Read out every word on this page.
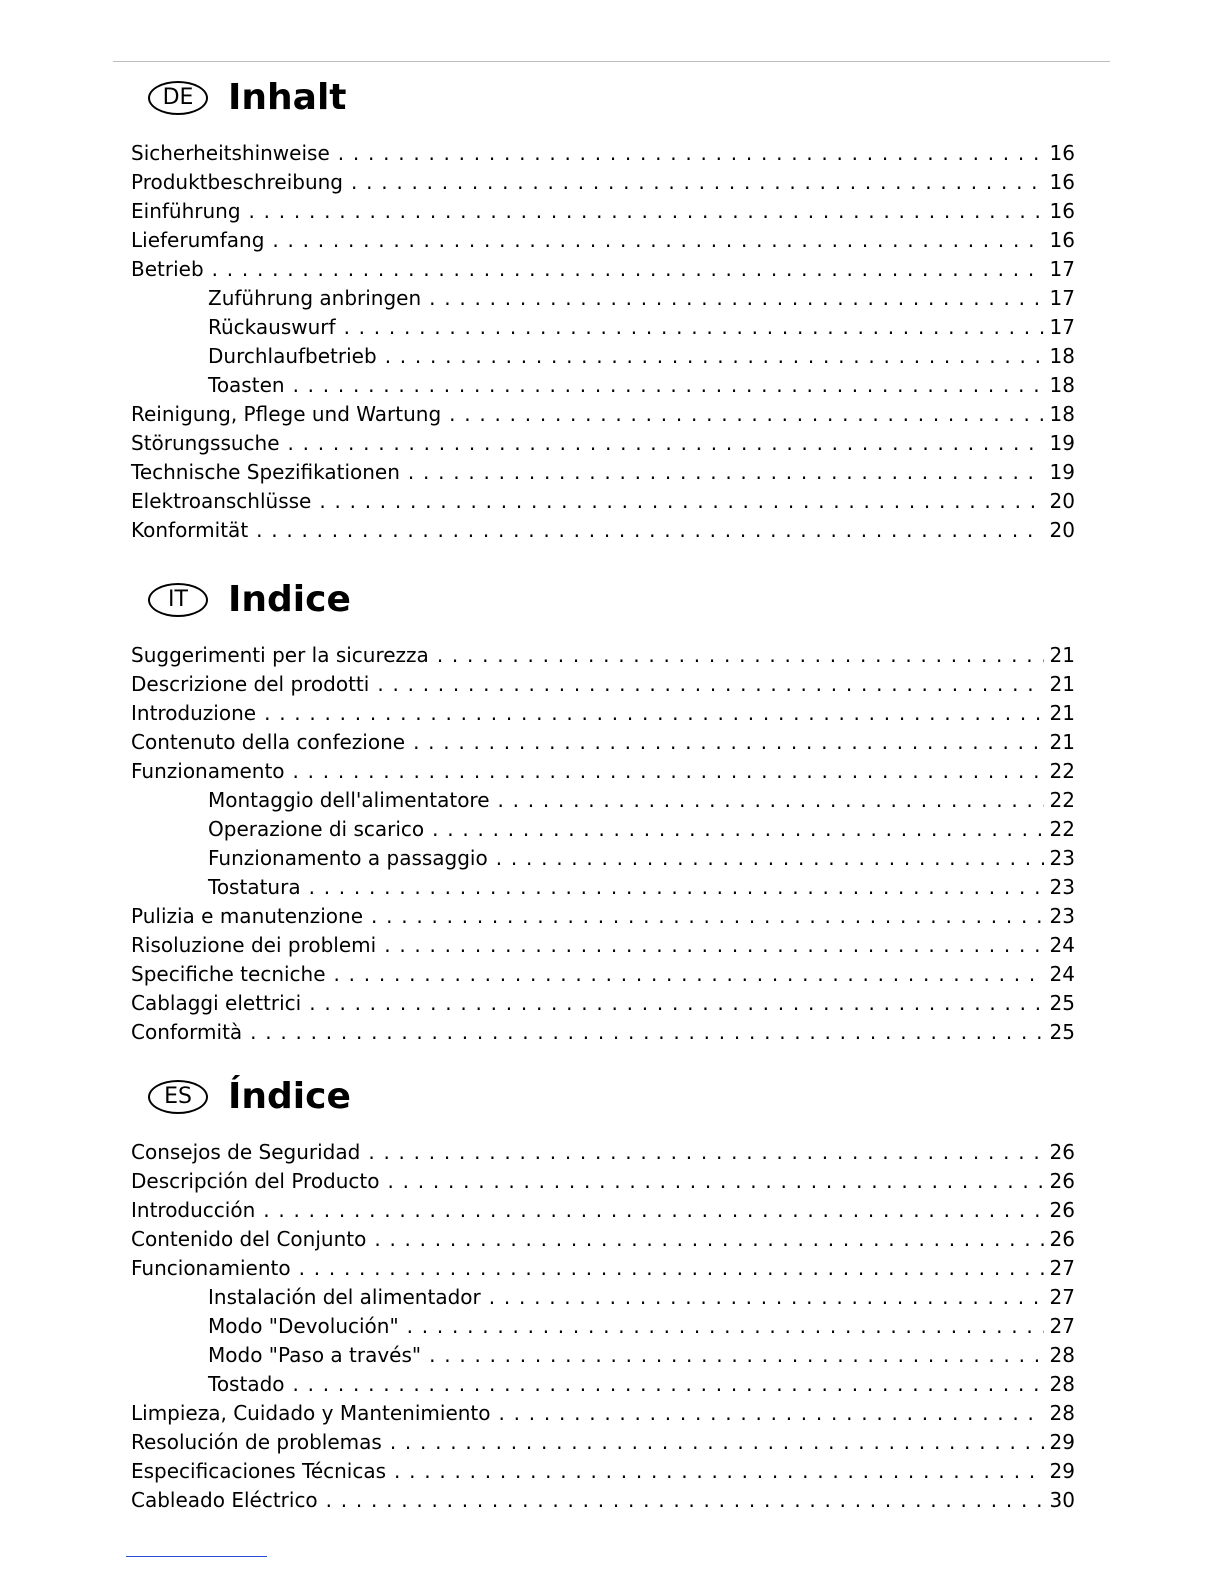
DE Inhalt
Sicherheitshinweise . . .	16
Produktbeschreibung . . .	16
Einführung . . .	16
Lieferumfang . . .	16
Betrieb . . .	17
Zuführung anbringen . . .	17
Rückauswurf . . .	17
Durchlaufbetrieb . . .	18
Toasten . . .	18
Reinigung, Pflege und Wartung . . .	18
Störungssuche . . .	19
Technische Spezifikationen . . .	19
Elektroanschlüsse . . .	20
Konformität . . .	20
IT	Indice
Suggerimenti per la sicurezza . . .	21
Descrizione del prodotti . . .	21
Introduzione . . .	21
Contenuto della confezione . . .	21
Funzionamento . . .	22
Montaggio dell'alimentatore . . .	22
Operazione di scarico . . .	22
Funzionamento a passaggio . . .	23
Tostatura . . .	23
Pulizia e manutenzione . . .	23
Risoluzione dei problemi . . .	24
Specifiche tecniche . . .	24
Cablaggi elettrici . . .	25
Conformità . . .	25
ES	Índice
Consejos de Seguridad . . .	26
Descripción del Producto . . .	26
Introducción . . .	26
Contenido del Conjunto . . .	26
Funcionamiento . . .	27
Instalación del alimentador . . .	27
Modo "Devolución" . . .	27
Modo "Paso a través" . . .	28
Tostado . . .	28
Limpieza, Cuidado y Mantenimiento . . .	28
Resolución de problemas . . .	29
Especificaciones Técnicas . . .	29
Cableado Eléctrico . . .	30
